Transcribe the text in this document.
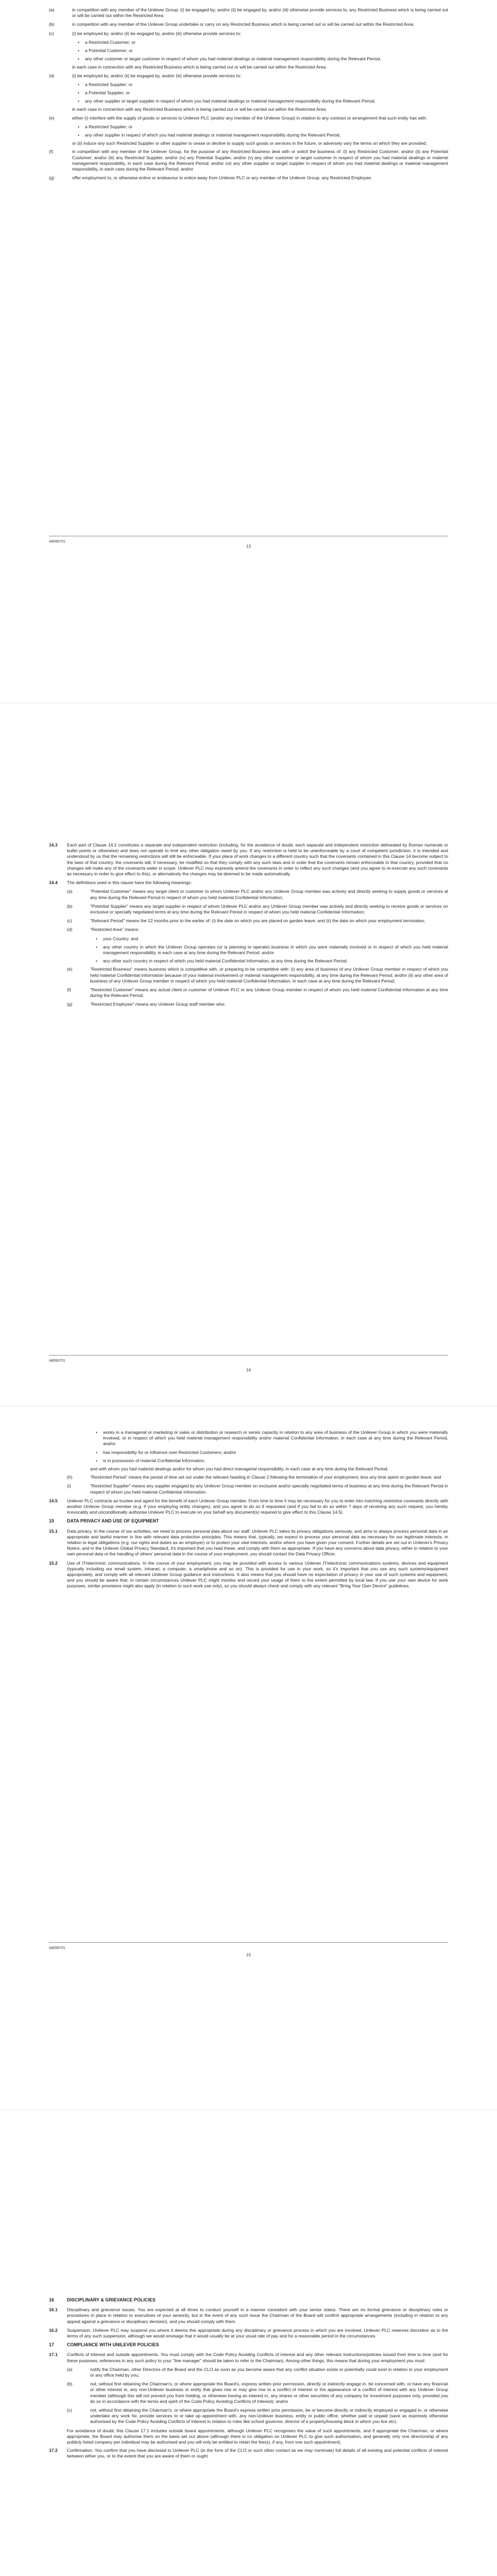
(a)	in competition with any member of the Unilever Group: (i) be engaged by; and/or (ii) be engaged by, and/or (iii) otherwise provide services to, any Restricted Business which is being carried out or will be carried out within the Restricted Area;
(b)	in competition with any member of the Unilever Group undertake or carry on any Restricted Business which is being carried out or will be carried out within the Restricted Area;
(c)	(i) be employed by, and/or (ii) be engaged by, and/or (iii) otherwise provide services to:
•	a Restricted Customer; or
•	a Potential Customer; or
•	any other customer or target customer in respect of whom you had material dealings or material management responsibility during the Relevant Period,

in each case in connection with any Restricted Business which is being carried out or will be carried out within the Restricted Area;

(d)	(i) be employed by, and/or (ii) be engaged by, and/or (iii) otherwise provide services to:
•	a Restricted Supplier; or
•	a Potential Supplier; or
•	any other supplier or target supplier in respect of whom you had material dealings or material management responsibility during the Relevant Period,

in each case in connection with any Restricted Business which is being carried out or will be carried out within the Restricted Area;

(e)	either (i) interfere with the supply of goods or services to Unilever PLC (and/or any member of the Unilever Group) in relation to any contract or arrangement that such entity has with:
•	a Restricted Supplier; or
•	any other supplier in respect of which you had material dealings or material management responsibility during the Relevant Period,

or (ii) induce any such Restricted Supplier or other supplier to cease or decline to supply such goods or services in the future, or adversely vary the terms on which they are provided;

(f)	in competition with any member of the Unilever Group, for the purpose of any Restricted Business deal with or solicit the business of: (i) any Restricted Customer; and/or (ii) any Potential Customer; and/or (iii) any Restricted Supplier, and/or (iv) any Potential Supplier, and/or (v) any other customer or target customer in respect of whom you had material dealings or material management responsibility, in each case during the Relevant Period; and/or (vi) any other supplier or target supplier in respect of whom you had material dealings or material management responsibility, in each case during the Relevant Period; and/or
(g)	offer employment to, or otherwise entice or endeavour to entice away from Unilever PLC or any member of the Unilever Group, any Restricted Employee.
A8066701
13
14.3	Each part of Clause 14.2 constitutes a separate and independent restriction (including, for the avoidance of doubt, each separate and independent restriction delineated by Roman numerals or bullet points or otherwise) and does not operate to limit any other obligation owed by you. If any restriction is held to be unenforceable by a court of competent jurisdiction, it is intended and understood by us that the remaining restrictions will still be enforceable. If your place of work changes to a different country such that the covenants contained in this Clause 14 become subject to the laws of that country, the covenants will, if necessary, be modified so that they comply with any such laws and in order that the covenants remain enforceable in that country, provided that no changes will make any of the covenants wider in scope. Unilever PLC may expressly amend the covenants in order to reflect any such changes (and you agree to re-execute any such covenants as necessary in order to give effect to this), or alternatively the changes may be deemed to be made automatically.
14.4	The definitions used in this clause have the following meanings:
(a)	"Potential Customer" means any target client or customer to whom Unilever PLC and/or any Unilever Group member was actively and directly seeking to supply goods or services at any time during the Relevant Period in respect of whom you held material Confidential Information;
(b)	"Potential Supplier" means any target supplier in respect of whom Unilever PLC and/or any Unilever Group member was actively and directly seeking to receive goods or services on exclusive or specially negotiated terms at any time during the Relevant Period in respect of whom you held material Confidential Information;
(c)	"Relevant Period" means the 12 months prior to the earlier of: (i) the date on which you are placed on garden leave; and (ii) the date on which your employment terminates;
(d)	"Restricted Area" means:
•	your Country; and
•	any other country in which the Unilever Group operates (or is planning to operate) business in which you were materially involved or in respect of which you held material management responsibility, in each case at any time during the Relevant Period; and/or
•	any other such country in respect of which you held material Confidential Information, at any time during the Relevant Period;
(e)	"Restricted Business" means business which is competitive with, or preparing to be competitive with: (i) any area of business of any Unilever Group member in respect of which you held material Confidential Information because of your material involvement or material management responsibility, at any time during the Relevant Period; and/or (ii) any other area of business of any Unilever Group member in respect of which you held material Confidential Information, in each case at any time during the Relevant Period;
(f)	"Restricted Customer" means any actual client or customer of Unilever PLC or any Unilever Group member in respect of whom you held material Confidential Information at any time during the Relevant Period;
(g)	"Restricted Employee" means any Unilever Group staff member who:
A8066701
14
•	works in a managerial or marketing or sales or distribution or research or senior capacity in relation to any area of business of the Unilever Group in which you were materially involved, or in respect of which you held material management responsibility and/or material Confidential Information, in each case at any time during the Relevant Period, and/or
•	has responsibility for or influence over Restricted Customers; and/or
•	is in possession of material Confidential Information,

and with whom you had material dealings and/or for whom you had direct managerial responsibility, in each case at any time during the Relevant Period;

(h)	"Restricted Period" means the period of time set out under the relevant heading in Clause 2 following the termination of your employment, less any time spent on garden leave; and
(i)	"Restricted Supplier" means any supplier engaged by any Unilever Group member on exclusive and/or specially negotiated terms of business at any time during the Relevant Period in respect of whom you held material Confidential Information.
14.5	Unilever PLC contracts as trustee and agent for the benefit of each Unilever Group member. From time to time it may be necessary for you to enter into matching restrictive covenants directly with another Unilever Group member (e.g. if your employing entity changes), and you agree to do so if requested (and if you fail to do so within 7 days of receiving any such request, you hereby irrevocably and unconditionally authorise Unilever PLC to execute on your behalf any document(s) required to give effect to this Clause 14.5).
15	DATA PRIVACY AND USE OF EQUIPMENT
15.1	Data privacy. In the course of our activities, we need to process personal data about our staff. Unilever PLC takes its privacy obligations seriously, and aims to always process personal data in an appropriate and lawful manner in line with relevant data protection principles. This means that, typically, we expect to process your personal data as necessary for our legitimate interests, in relation to legal obligations (e.g. our rights and duties as an employer) or to protect your vital interests, and/or where you have given your consent. Further details are set out in Unilever's Privacy Notice, and in the Unilever Global Privacy Standard, it's important that you read these, and comply with them as appropriate. If you have any concerns about data privacy, either in relation to your own personal data or the handling of others' personal data in the course of your employment, you should contact the Data Privacy Officer.
15.2	Use of IT/electronic communications. In the course of your employment, you may be provided with access to various Unilever IT/electronic communications systems, devices and equipment (typically including our email system, intranet, a computer, a smartphone and so on). This is provided for use in your work, so it's important that you use any such systems/equipment appropriately, and comply with all relevant Unilever Group guidance and instructions. It also means that you should have no expectation of privacy in your use of such systems and equipment, and you should be aware that, in certain circumstances Unilever PLC might monitor and record your usage of them to the extent permitted by local law. If you use your own device for work purposes, similar provisions might also apply (in relation to such work use only), so you should always check and comply with any relevant "Bring Your Own Device" guidelines.
A8066701
15
16	DISCIPLINARY & GRIEVANCE POLICIES
16.1	Disciplinary and grievance issues. You are expected at all times to conduct yourself in a manner consistent with your senior status. There are no formal grievance or disciplinary rules or procedures in place in relation to executives of your seniority, but in the event of any such issue the Chairman of the Board will confirm appropriate arrangements (including in relation to any appeal against a grievance or disciplinary decision), and you should comply with them.
16.2	Suspension. Unilever PLC may suspend you where it deems this appropriate during any disciplinary or grievance process in which you are involved. Unilever PLC reserves discretion as to the terms of any such suspension, although we would envisage that it would usually be at your usual rate of pay and for a reasonable period in the circumstances.
17	COMPLIANCE WITH UNILEVER POLICIES
17.1	Conflicts of interest and outside appointments. You must comply with the Code Policy Avoiding Conflicts of Interest and any other relevant instructions/policies issued from time to time (and for these purposes, references in any such policy to your "line manager" should be taken to refer to the Chairman). Among other things, this means that during your employment you must:
(a)	notify the Chairman, other Directors of the Board and the CLO as soon as you become aware that any conflict situation exists or potentially could exist in relation to your employment or any office held by you;
(b)	not, without first obtaining the Chairman's, or where appropriate the Board's, express written prior permission, directly or indirectly engage in, be concerned with, or have any financial or other interest in, any non-Unilever business or entity that gives rise or may give rise to a conflict of interest or the appearance of a conflict of interest with any Unilever Group member (although this will not prevent you from holding, or otherwise having an interest in, any shares or other securities of any company for investment purposes only, provided you do so in accordance with the terms and spirit of the Code Policy Avoiding Conflicts of Interest); and/or
(c)	not, without first obtaining the Chairman's, or where appropriate the Board's express written prior permission, be or become directly or indirectly employed or engaged in, or otherwise undertake any work for, provide services to or take up appointment with, any non-Unilever business, entity or public office, whether paid or unpaid (save as expressly otherwise authorised by the Code Policy Avoiding Conflicts of Interest in relation to roles like school governor, director of a property/housing block in which you live etc).

For avoidance of doubt, this Clause 17.1 includes outside board appointments, although Unilever PLC recognises the value of such appointments, and if appropriate the Chairman, or where appropriate, the Board may authorise them on the basis set out above (although there is no obligation on Unilever PLC to give such authorisation, and generally only one directorship of any publicly listed company per individual may be authorised and you will only be entitled to retain the fee(s), if any, from one such appointment).

17.2	Confirmation. You confirm that you have disclosed to Unilever PLC (in the form of the CLO or such other contact as we may nominate) full details of all existing and potential conflicts of interest between either you, or to the extent that you are aware of them or ought
